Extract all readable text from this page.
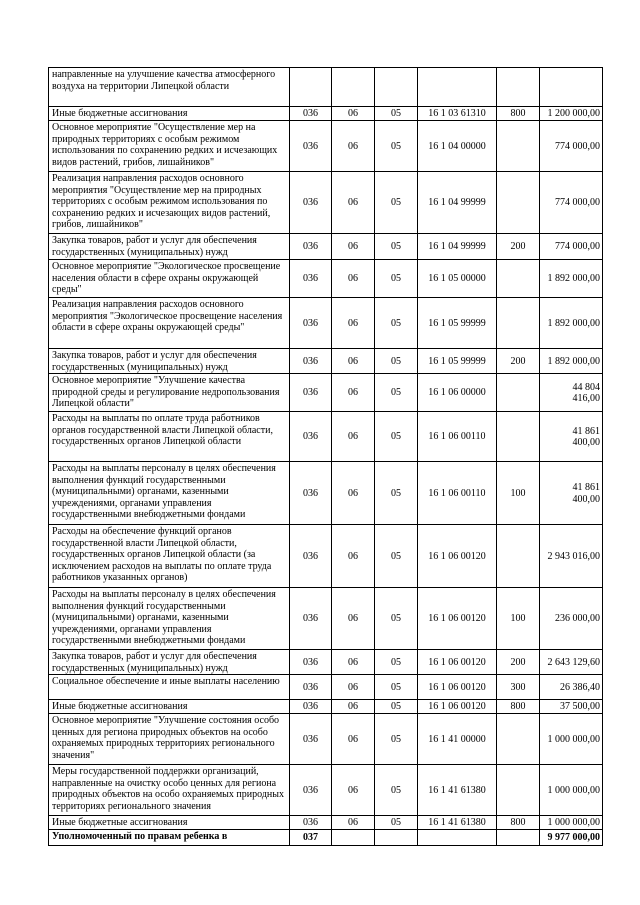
направленные на улучшение качества атмосферного воздуха на территории Липецкой области						
Иные бюджетные ассигнования	036	06	05	16 1 03 61310	800	1 200 000,00
Основное мероприятие "Осуществление мер на природных территориях с особым режимом использования по сохранению редких и исчезающих видов растений, грибов, лишайников"	036	06	05	16 1 04 00000		774 000,00
Реализация направления расходов основного мероприятия "Осуществление мер на природных территориях с особым режимом использования по сохранению редких и исчезающих видов растений, грибов, лишайников"	036	06	05	16 1 04 99999		774 000,00
Закупка товаров, работ и услуг для обеспечения государственных (муниципальных) нужд	036	06	05	16 1 04 99999	200	774 000,00
Основное мероприятие "Экологическое просвещение населения области в сфере охраны окружающей среды"	036	06	05	16 1 05 00000		1 892 000,00
Реализация направления расходов основного мероприятия "Экологическое просвещение населения области в сфере охраны окружающей среды"	036	06	05	16 1 05 99999		1 892 000,00
Закупка товаров, работ и услуг для обеспечения государственных (муниципальных) нужд	036	06	05	16 1 05 99999	200	1 892 000,00
Основное мероприятие "Улучшение качества природной среды и регулирование недропользования Липецкой области"	036	06	05	16 1 06 00000		44 804 416,00
Расходы на выплаты по оплате труда работников органов государственной власти Липецкой области, государственных органов Липецкой области	036	06	05	16 1 06 00110		41 861 400,00
Расходы на выплаты персоналу в целях обеспечения выполнения функций государственными (муниципальными) органами, казенными учреждениями, органами управления государственными внебюджетными фондами	036	06	05	16 1 06 00110	100	41 861 400,00
Расходы на обеспечение функций органов государственной власти Липецкой области, государственных органов Липецкой области (за исключением расходов на выплаты по оплате труда работников указанных органов)	036	06	05	16 1 06 00120		2 943 016,00
Расходы на выплаты персоналу в целях обеспечения выполнения функций государственными (муниципальными) органами, казенными учреждениями, органами управления государственными внебюджетными фондами	036	06	05	16 1 06 00120	100	236 000,00
Закупка товаров, работ и услуг для обеспечения государственных (муниципальных) нужд	036	06	05	16 1 06 00120	200	2 643 129,60
Социальное обеспечение и иные выплаты населению	036	06	05	16 1 06 00120	300	26 386,40
Иные бюджетные ассигнования	036	06	05	16 1 06 00120	800	37 500,00
Основное мероприятие "Улучшение состояния особо ценных для региона природных объектов на особо охраняемых природных территориях регионального значения"	036	06	05	16 1 41 00000		1 000 000,00
Меры государственной поддержки организаций, направленные на очистку особо ценных для региона природных объектов на особо охраняемых природных территориях регионального значения	036	06	05	16 1 41 61380		1 000 000,00
Иные бюджетные ассигнования	036	06	05	16 1 41 61380	800	1 000 000,00
Уполномоченный по правам ребенка в	037					9 977 000,00
